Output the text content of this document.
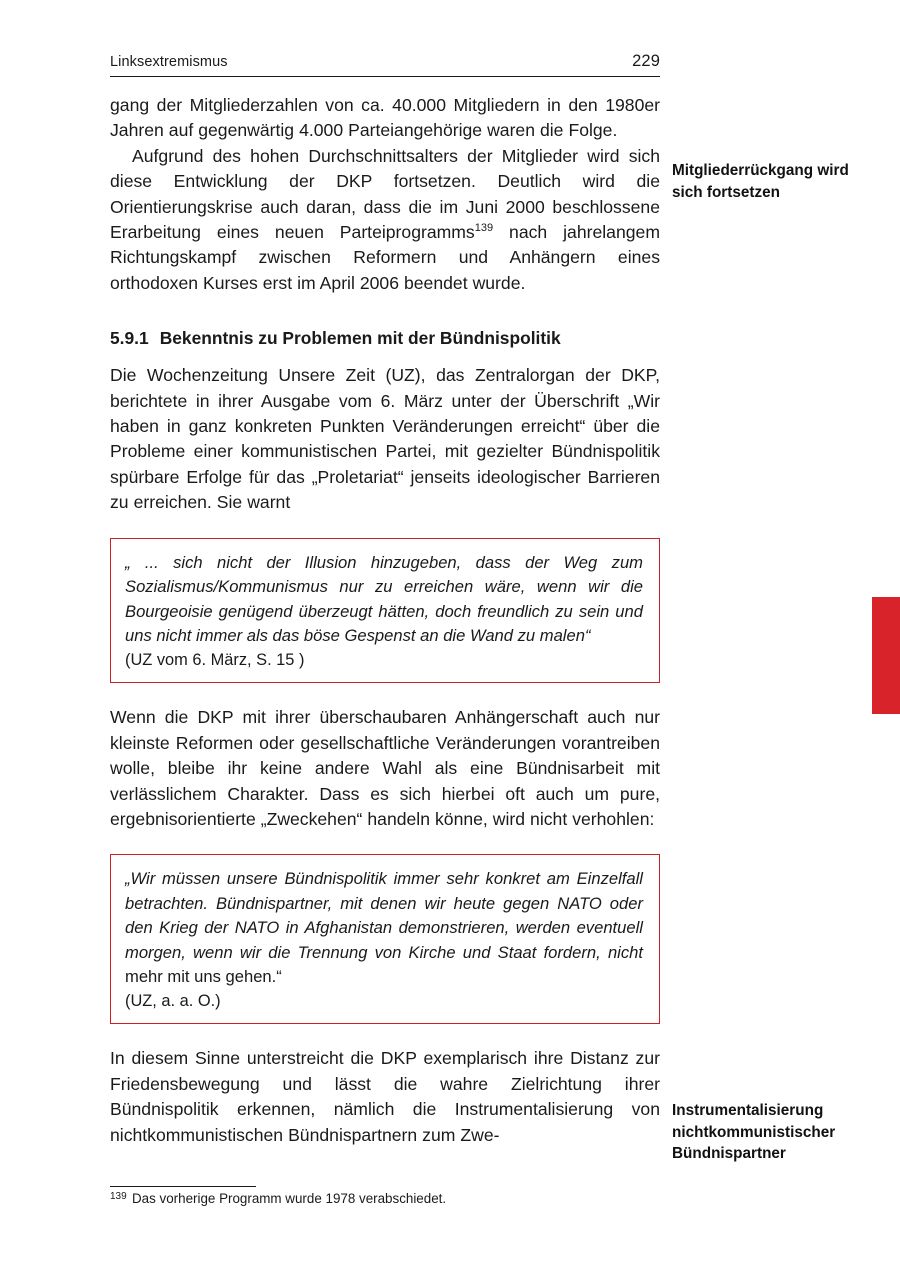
Linksextremismus	229

gang der Mitgliederzahlen von ca. 40.000 Mitgliedern in den 1980er Jahren auf gegenwärtig 4.000 Parteiangehörige waren die Folge.

Aufgrund des hohen Durchschnittsalters der Mitglieder wird sich diese Entwicklung der DKP fortsetzen. Deutlich wird die Orientierungskrise auch daran, dass die im Juni 2000 beschlossene Erarbeitung eines neuen Parteiprogramms$^{139}$ nach jahrelangem Richtungskampf zwischen Reformern und Anhängern eines orthodoxen Kurses erst im April 2006 beendet wurde.

5.9.1 Bekenntnis zu Problemen mit der Bündnispolitik

Die Wochenzeitung Unsere Zeit (UZ), das Zentralorgan der DKP, berichtete in ihrer Ausgabe vom 6. März unter der Überschrift „Wir haben in ganz konkreten Punkten Veränderungen erreicht“ über die Probleme einer kommunistischen Partei, mit gezielter Bündnispolitik spürbare Erfolge für das „Proletariat“ jenseits ideologischer Barrieren zu erreichen. Sie warnt

„ ... sich nicht der Illusion hinzugeben, dass der Weg zum Sozialismus/Kommunismus nur zu erreichen wäre, wenn wir die Bourgeoisie genügend überzeugt hätten, doch freundlich zu sein und uns nicht immer als das böse Gespenst an die Wand zu malen“

(UZ vom 6. März, S. 15 )

Wenn die DKP mit ihrer überschaubaren Anhängerschaft auch nur kleinste Reformen oder gesellschaftliche Veränderungen vorantreiben wolle, bleibe ihr keine andere Wahl als eine Bündnisarbeit mit verlässlichem Charakter. Dass es sich hierbei oft auch um pure, ergebnisorientierte „Zweckehen“ handeln könne, wird nicht verhohlen:

„Wir müssen unsere Bündnispolitik immer sehr konkret am Einzelfall betrachten. Bündnispartner, mit denen wir heute gegen NATO oder den Krieg der NATO in Afghanistan demonstrieren, werden eventuell morgen, wenn wir die Trennung von Kirche und Staat fordern, nicht mehr mit uns gehen.“

(UZ, a. a. O.)

In diesem Sinne unterstreicht die DKP exemplarisch ihre Distanz zur Friedensbewegung und lässt die wahre Zielrichtung ihrer Bündnispolitik erkennen, nämlich die Instrumentalisierung von nichtkommunistischen Bündnispartnern zum Zwe-

Mitgliederrückgang wird sich fortsetzen

Instrumentalisierung nichtkommunistischer Bündnispartner

139 Das vorherige Programm wurde 1978 verabschiedet.
